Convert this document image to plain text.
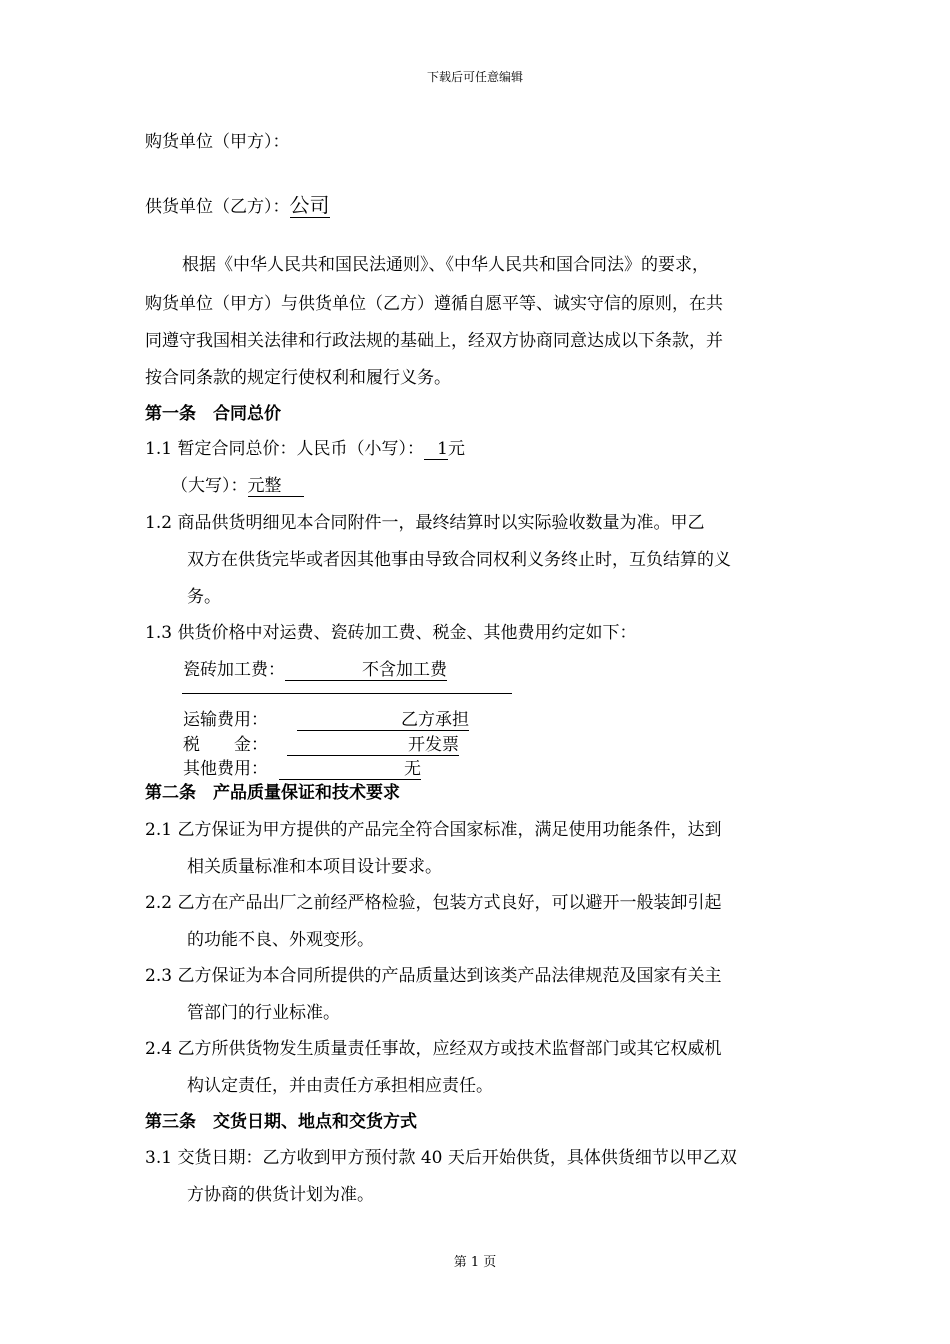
下载后可任意编辑
购货单位（甲方）：
供货单位（乙方）：公司
根据《中华人民共和国民法通则》、《中华人民共和国合同法》的要求，
购货单位（甲方）与供货单位（乙方）遵循自愿平等、诚实守信的原则，在共
同遵守我国相关法律和行政法规的基础上，经双方协商同意达成以下条款，并
按合同条款的规定行使权利和履行义务。
第一条　合同总价
1.1 暂定合同总价：人民币（小写）： 1元
（大写）：元整
1.2 商品供货明细见本合同附件一，最终结算时以实际验收数量为准。甲乙
双方在供货完毕或者因其他事由导致合同权利义务终止时，互负结算的义
务。
1.3 供货价格中对运费、瓷砖加工费、税金、其他费用约定如下：
瓷砖加工费：	不含加工费
运输费用：	乙方承担
税　　金：	开发票
其他费用：	无
第二条　产品质量保证和技术要求
2.1 乙方保证为甲方提供的产品完全符合国家标准，满足使用功能条件，达到
相关质量标准和本项目设计要求。
2.2 乙方在产品出厂之前经严格检验，包装方式良好，可以避开一般装卸引起
的功能不良、外观变形。
2.3 乙方保证为本合同所提供的产品质量达到该类产品法律规范及国家有关主
管部门的行业标准。
2.4 乙方所供货物发生质量责任事故，应经双方或技术监督部门或其它权威机
构认定责任，并由责任方承担相应责任。
第三条　交货日期、地点和交货方式
3.1 交货日期：乙方收到甲方预付款 40 天后开始供货，具体供货细节以甲乙双
方协商的供货计划为准。
第 1 页
